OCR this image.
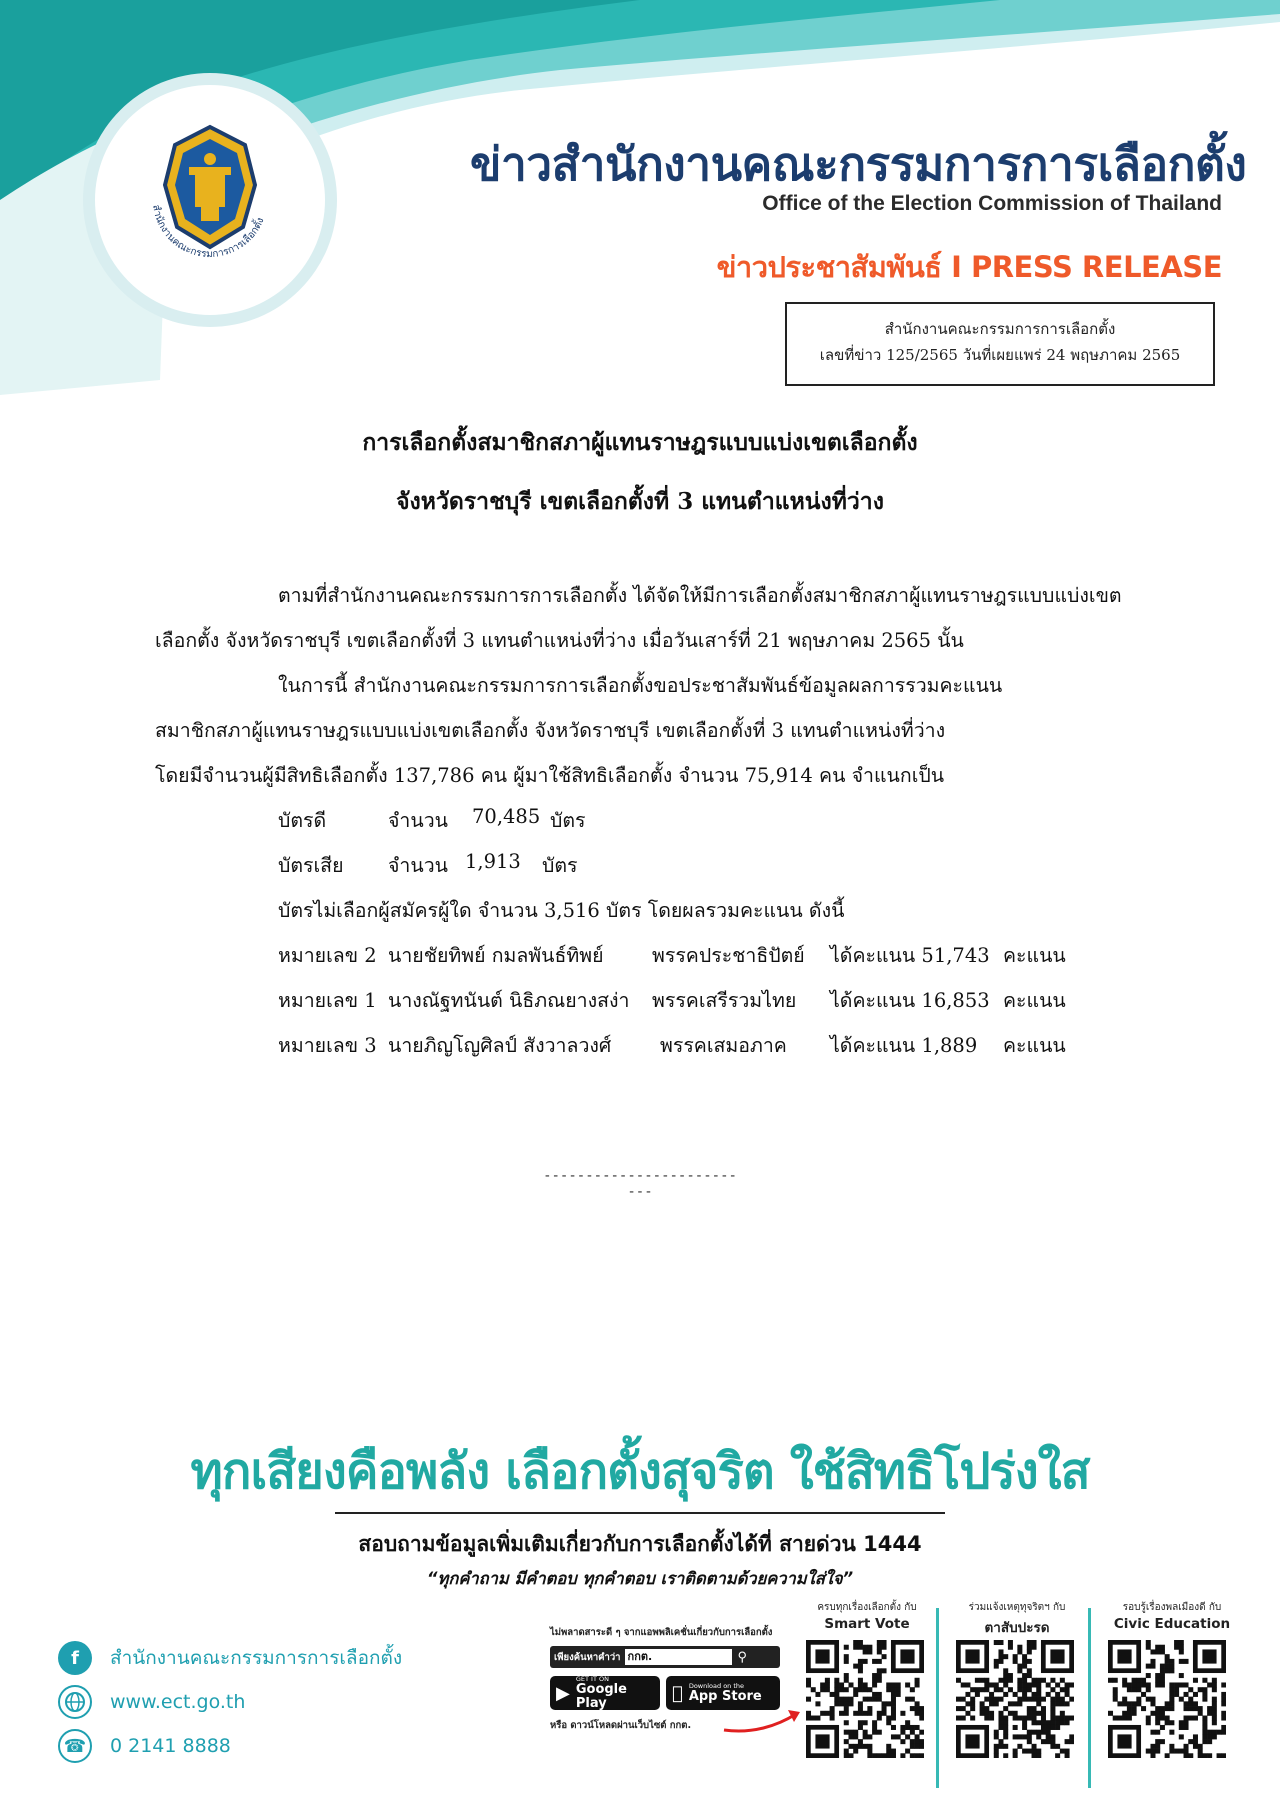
สำนักงานคณะกรรมการการเลือกตั้ง
ข่าวสำนักงานคณะกรรมการการเลือกตั้ง
Office of the Election Commission of Thailand
ข่าวประชาสัมพันธ์ I PRESS RELEASE
สำนักงานคณะกรรมการการเลือกตั้ง
เลขที่ข่าว 125/2565 วันที่เผยแพร่ 24 พฤษภาคม 2565
การเลือกตั้งสมาชิกสภาผู้แทนราษฎรแบบแบ่งเขตเลือกตั้ง
จังหวัดราชบุรี เขตเลือกตั้งที่ 3 แทนตำแหน่งที่ว่าง
ตามที่สำนักงานคณะกรรมการการเลือกตั้ง ได้จัดให้มีการเลือกตั้งสมาชิกสภาผู้แทนราษฎรแบบแบ่งเขต
เลือกตั้ง จังหวัดราชบุรี เขตเลือกตั้งที่ 3 แทนตำแหน่งที่ว่าง เมื่อวันเสาร์ที่ 21 พฤษภาคม 2565 นั้น
ในการนี้ สำนักงานคณะกรรมการการเลือกตั้งขอประชาสัมพันธ์ข้อมูลผลการรวมคะแนน
สมาชิกสภาผู้แทนราษฎรแบบแบ่งเขตเลือกตั้ง จังหวัดราชบุรี เขตเลือกตั้งที่ 3 แทนตำแหน่งที่ว่าง
โดยมีจำนวนผู้มีสิทธิเลือกตั้ง 137,786 คน ผู้มาใช้สิทธิเลือกตั้ง จำนวน 75,914 คน จำแนกเป็น
บัตรดี	จำนวน 70,485 บัตร
บัตรเสีย จำนวน 1,913 บัตร
บัตรไม่เลือกผู้สมัครผู้ใด จำนวน 3,516 บัตร โดยผลรวมคะแนน ดังนี้
หมายเลข 2 นายชัยทิพย์ กมลพันธ์ทิพย์ พรรคประชาธิปัตย์ ได้คะแนน 51,743 คะแนน
หมายเลข 1 นางณัฐทนันต์ นิธิภณยางสง่า พรรคเสรีรวมไทย ได้คะแนน 16,853 คะแนน
หมายเลข 3 นายภิญโญศิลป์ สังวาลวงศ์ พรรคเสมอภาค ได้คะแนน 1,889 คะแนน
--------------------------
ทุกเสียงคือพลัง เลือกตั้งสุจริต ใช้สิทธิโปร่งใส
สอบถามข้อมูลเพิ่มเติมเกี่ยวกับการเลือกตั้งได้ที่ สายด่วน 1444
“ทุกคำถาม มีคำตอบ ทุกคำตอบ เราติดตามด้วยความใส่ใจ”
f	สำนักงานคณะกรรมการการเลือกตั้ง
www.ect.go.th
☎	0 2141 8888
ไม่พลาดสาระดี ๆ จากแอพพลิเคชั่นเกี่ยวกับการเลือกตั้ง
เพียงค้นหาคำว่า กกต.	⚲
▶
GET IT ON
Google Play
Download on the
App Store
หรือ ดาวน์โหลดผ่านเว็บไซต์ กกต.
ครบทุกเรื่องเลือกตั้ง กับ
Smart Vote
ร่วมแจ้งเหตุทุจริตฯ กับ
ตาสับปะรด
รอบรู้เรื่องพลเมืองดี กับ
Civic Education
